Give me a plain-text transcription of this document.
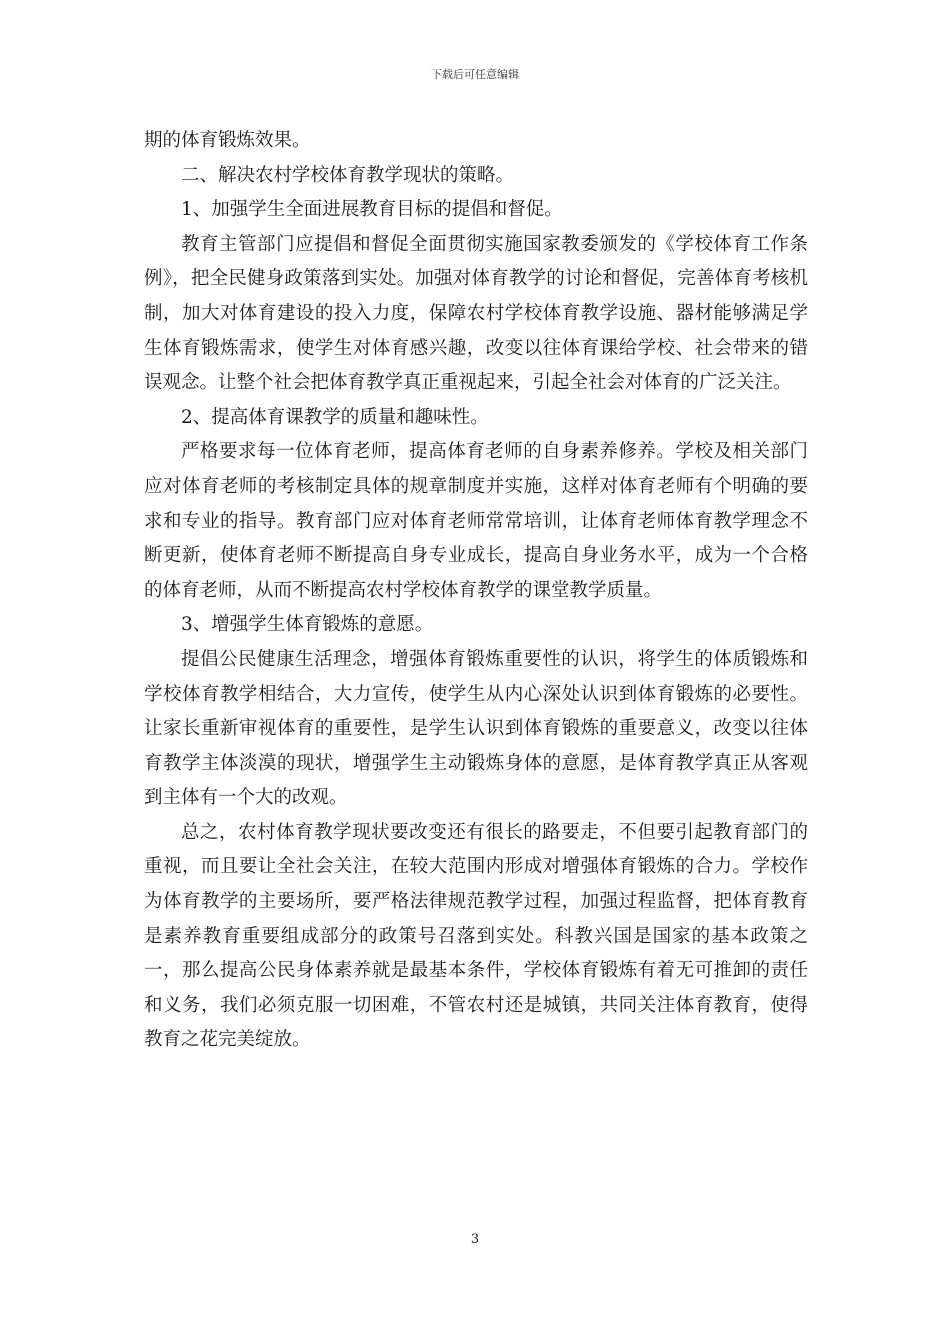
下载后可任意编辑

期的体育锻炼效果。

二、解决农村学校体育教学现状的策略。

1、加强学生全面进展教育目标的提倡和督促。

教育主管部门应提倡和督促全面贯彻实施国家教委颁发的《学校体育工作条例》，把全民健身政策落到实处。加强对体育教学的讨论和督促，完善体育考核机制，加大对体育建设的投入力度，保障农村学校体育教学设施、器材能够满足学生体育锻炼需求，使学生对体育感兴趣，改变以往体育课给学校、社会带来的错误观念。让整个社会把体育教学真正重视起来，引起全社会对体育的广泛关注。

2、提高体育课教学的质量和趣味性。

严格要求每一位体育老师，提高体育老师的自身素养修养。学校及相关部门应对体育老师的考核制定具体的规章制度并实施，这样对体育老师有个明确的要求和专业的指导。教育部门应对体育老师常常培训，让体育老师体育教学理念不断更新，使体育老师不断提高自身专业成长，提高自身业务水平，成为一个合格的体育老师，从而不断提高农村学校体育教学的课堂教学质量。

3、增强学生体育锻炼的意愿。

提倡公民健康生活理念，增强体育锻炼重要性的认识，将学生的体质锻炼和学校体育教学相结合，大力宣传，使学生从内心深处认识到体育锻炼的必要性。让家长重新审视体育的重要性，是学生认识到体育锻炼的重要意义，改变以往体育教学主体淡漠的现状，增强学生主动锻炼身体的意愿，是体育教学真正从客观到主体有一个大的改观。

总之，农村体育教学现状要改变还有很长的路要走，不但要引起教育部门的重视，而且要让全社会关注，在较大范围内形成对增强体育锻炼的合力。学校作为体育教学的主要场所，要严格法律规范教学过程，加强过程监督，把体育教育是素养教育重要组成部分的政策号召落到实处。科教兴国是国家的基本政策之一，那么提高公民身体素养就是最基本条件，学校体育锻炼有着无可推卸的责任和义务，我们必须克服一切困难，不管农村还是城镇，共同关注体育教育，使得教育之花完美绽放。

3
